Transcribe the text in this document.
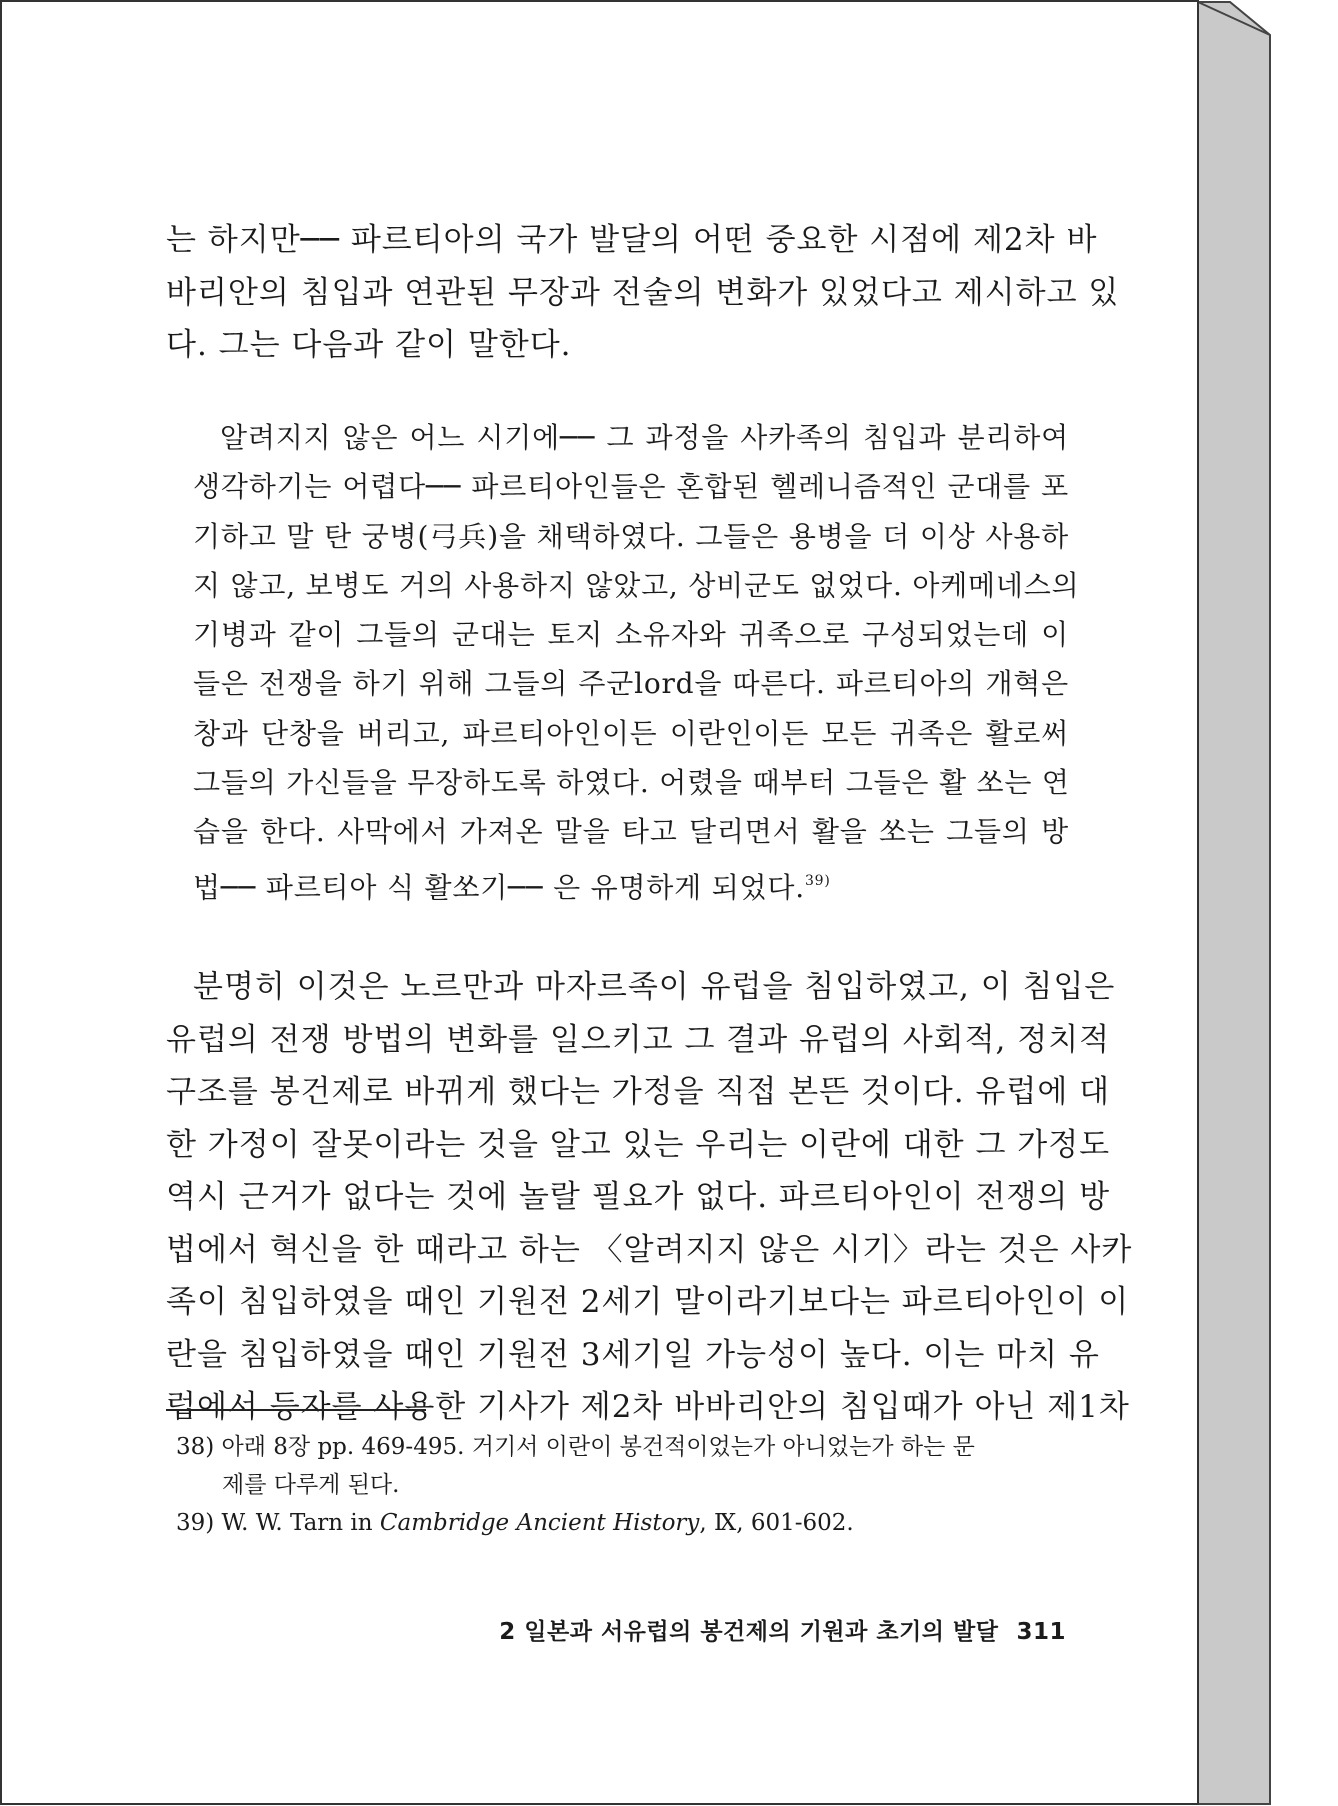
는 하지만── 파르티아의 국가 발달의 어떤 중요한 시점에 제2차 바
바리안의 침입과 연관된 무장과 전술의 변화가 있었다고 제시하고 있
다. 그는 다음과 같이 말한다.
알려지지 않은 어느 시기에── 그 과정을 사카족의 침입과 분리하여
생각하기는 어렵다── 파르티아인들은 혼합된 헬레니즘적인 군대를 포
기하고 말 탄 궁병(弓兵)을 채택하였다. 그들은 용병을 더 이상 사용하
지 않고, 보병도 거의 사용하지 않았고, 상비군도 없었다. 아케메네스의
기병과 같이 그들의 군대는 토지 소유자와 귀족으로 구성되었는데 이
들은 전쟁을 하기 위해 그들의 주군lord을 따른다. 파르티아의 개혁은
창과 단창을 버리고, 파르티아인이든 이란인이든 모든 귀족은 활로써
그들의 가신들을 무장하도록 하였다. 어렸을 때부터 그들은 활 쏘는 연
습을 한다. 사막에서 가져온 말을 타고 달리면서 활을 쏘는 그들의 방
법── 파르티아 식 활쏘기── 은 유명하게 되었다.$^{39)}$
분명히 이것은 노르만과 마자르족이 유럽을 침입하였고, 이 침입은
유럽의 전쟁 방법의 변화를 일으키고 그 결과 유럽의 사회적, 정치적
구조를 봉건제로 바뀌게 했다는 가정을 직접 본뜬 것이다. 유럽에 대
한 가정이 잘못이라는 것을 알고 있는 우리는 이란에 대한 그 가정도
역시 근거가 없다는 것에 놀랄 필요가 없다. 파르티아인이 전쟁의 방
법에서 혁신을 한 때라고 하는 〈알려지지 않은 시기〉라는 것은 사카
족이 침입하였을 때인 기원전 2세기 말이라기보다는 파르티아인이 이
란을 침입하였을 때인 기원전 3세기일 가능성이 높다. 이는 마치 유
럽에서 등자를 사용한 기사가 제2차 바바리안의 침입때가 아닌 제1차
38) 아래 8장 pp. 469-495. 거기서 이란이 봉건적이었는가 아니었는가 하는 문
제를 다루게 된다.
39) W. W. Tarn in Cambridge Ancient History, Ⅸ, 601-602.
2 일본과 서유럽의 봉건제의 기원과 초기의 발달 311
